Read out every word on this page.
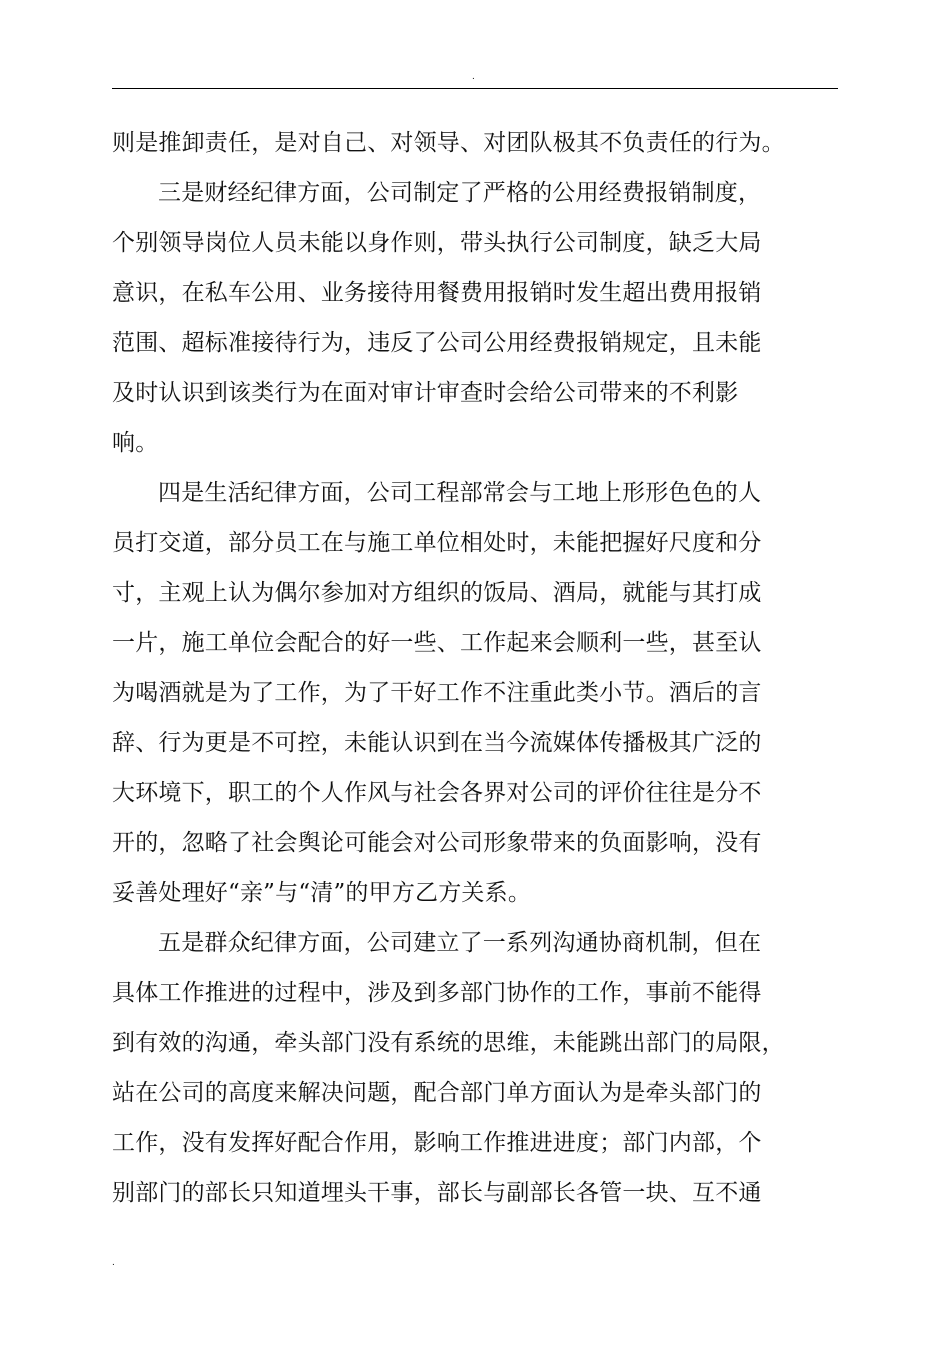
.
则是推卸责任，是对自己、对领导、对团队极其不负责任的行为。
三是财经纪律方面，公司制定了严格的公用经费报销制度，
个别领导岗位人员未能以身作则，带头执行公司制度，缺乏大局
意识，在私车公用、业务接待用餐费用报销时发生超出费用报销
范围、超标准接待行为，违反了公司公用经费报销规定，且未能
及时认识到该类行为在面对审计审查时会给公司带来的不利影
响。
四是生活纪律方面，公司工程部常会与工地上形形色色的人
员打交道，部分员工在与施工单位相处时，未能把握好尺度和分
寸，主观上认为偶尔参加对方组织的饭局、酒局，就能与其打成
一片，施工单位会配合的好一些、工作起来会顺利一些，甚至认
为喝酒就是为了工作，为了干好工作不注重此类小节。酒后的言
辞、行为更是不可控，未能认识到在当今流媒体传播极其广泛的
大环境下，职工的个人作风与社会各界对公司的评价往往是分不
开的，忽略了社会舆论可能会对公司形象带来的负面影响，没有
妥善处理好“亲”与“清”的甲方乙方关系。
五是群众纪律方面，公司建立了一系列沟通协商机制，但在
具体工作推进的过程中，涉及到多部门协作的工作，事前不能得
到有效的沟通，牵头部门没有系统的思维，未能跳出部门的局限，
站在公司的高度来解决问题，配合部门单方面认为是牵头部门的
工作，没有发挥好配合作用，影响工作推进进度；部门内部，个
别部门的部长只知道埋头干事，部长与副部长各管一块、互不通
.
